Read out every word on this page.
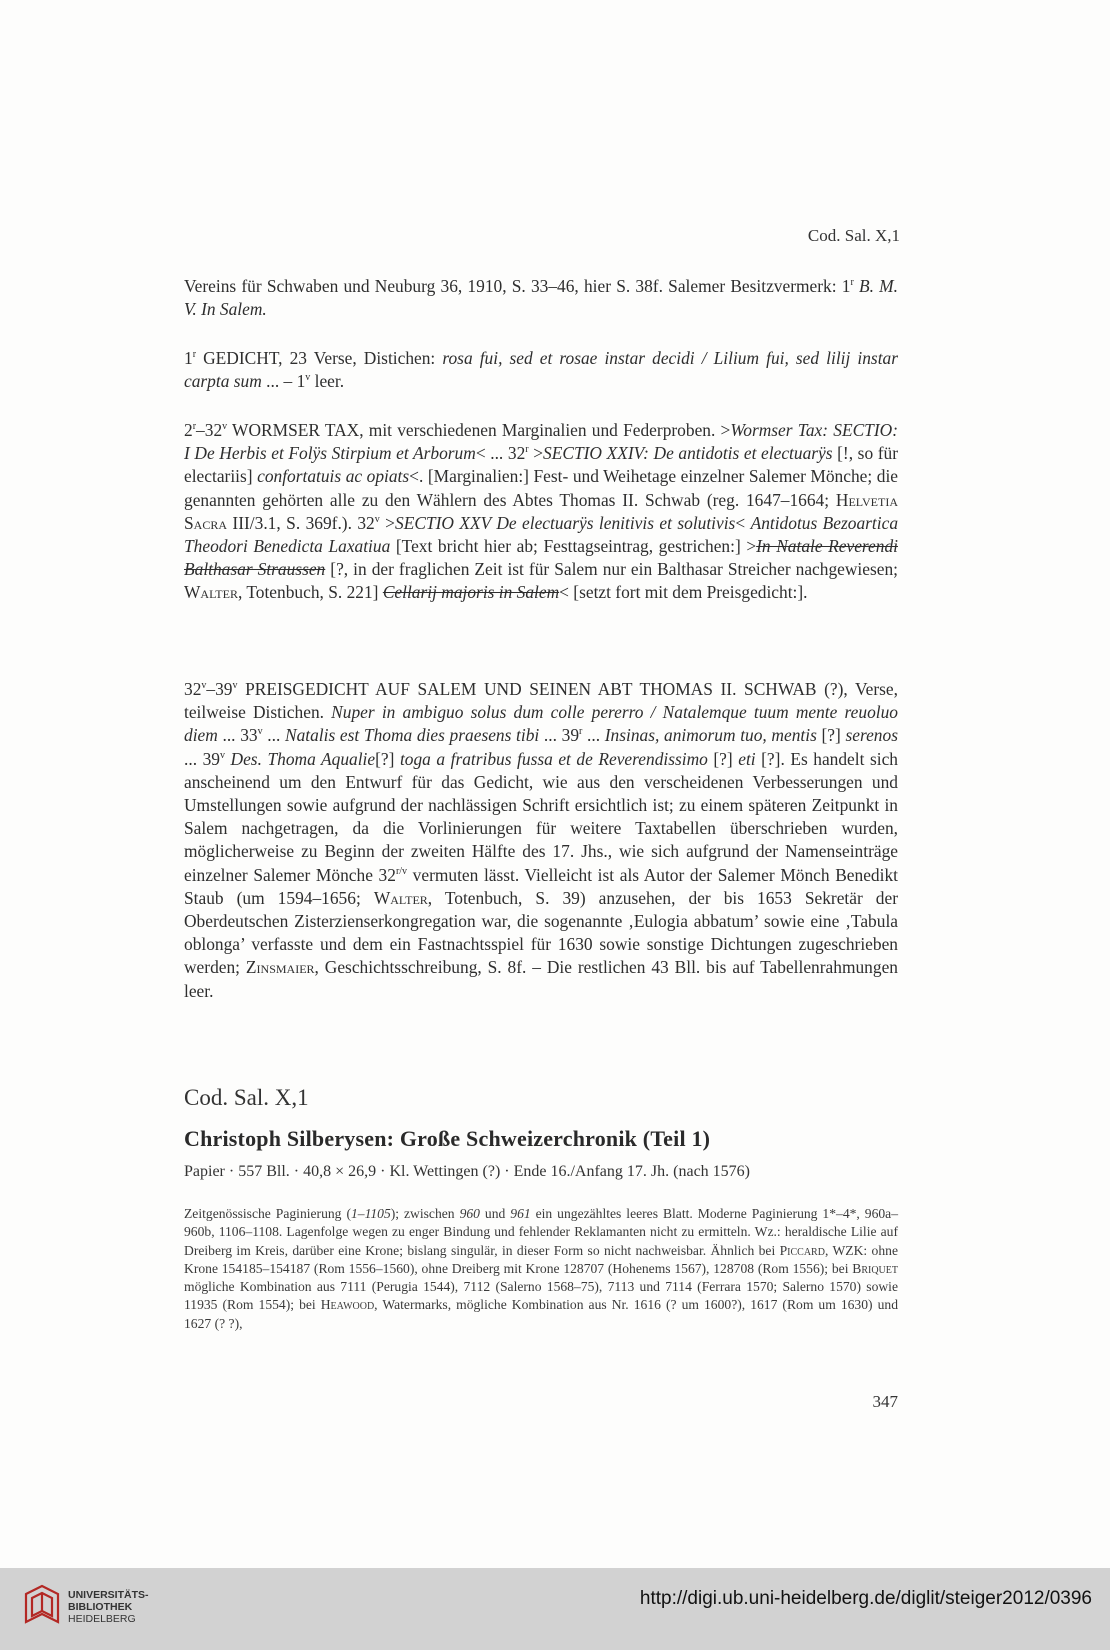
Cod. Sal. X,1

Vereins für Schwaben und Neuburg 36, 1910, S. 33–46, hier S. 38f. Salemer Besitzvermerk: 1$^r$ B. M. V. In Salem.

1$^r$ GEDICHT, 23 Verse, Distichen: rosa fui, sed et rosae instar decidi / Lilium fui, sed lilij instar carpta sum ... – 1$^v$ leer.

2$^r$–32$^v$ WORMSER TAX, mit verschiedenen Marginalien und Federproben. >Wormser Tax: SECTIO: I De Herbis et Folÿs Stirpium et Arborum< ... $32^r$ >SECTIO XXIV: De antidotis et electuarÿs [!, so für electariis] confortatuis ac opiats<. [Marginalien:] Fest- und Weihetage einzelner Salemer Mönche; die genannten gehörten alle zu den Wählern des Abtes Thomas II. Schwab (reg. 1647–1664; Helvetia Sacra III/3.1, S. 369f.). $32^v$ >SECTIO XXV De electuarÿs lenitivis et solutivis< Antidotus Bezoartica Theodori Benedicta Laxatiua [Text bricht hier ab; Festtagseintrag, gestrichen:] >In Natale Reverendi Balthasar Straussen [?, in der fraglichen Zeit ist für Salem nur ein Balthasar Streicher nachgewiesen; Walter, Totenbuch, S. 221] Cellarij majoris in Salem< [setzt fort mit dem Preisgedicht:].

32$^v$–39$^v$ PREISGEDICHT AUF SALEM UND SEINEN ABT THOMAS II. SCHWAB (?), Verse, teilweise Distichen. Nuper in ambiguo solus dum colle pererro / Natalemque tuum mente reuoluo diem ... 33$^v$ ... Natalis est Thoma dies praesens tibi ... 39$^r$ ... Insinas, animorum tuo, mentis [?] serenos ... 39$^v$ Des. Thoma Aqualie[?] toga a fratribus fussa et de Reverendissimo [?] eti [?]. Es handelt sich anscheinend um den Entwurf für das Gedicht, wie aus den verscheidenen Verbesserungen und Umstellungen sowie aufgrund der nachlässigen Schrift ersichtlich ist; zu einem späteren Zeitpunkt in Salem nachgetragen, da die Vorlinierungen für weitere Taxtabellen überschrieben wurden, möglicherweise zu Beginn der zweiten Hälfte des 17. Jhs., wie sich aufgrund der Namenseinträge einzelner Salemer Mönche $32^{r/v}$ vermuten lässt. Vielleicht ist als Autor der Salemer Mönch Benedikt Staub (um 1594–1656; Walter, Totenbuch, S. 39) anzusehen, der bis 1653 Sekretär der Oberdeutschen Zisterzienserkongregation war, die sogenannte ‚Eulogia abbatum’ sowie eine ‚Tabula oblonga’ verfasste und dem ein Fastnachtsspiel für 1630 sowie sonstige Dichtungen zugeschrieben werden; Zinsmaier, Geschichtsschreibung, S. 8f. – Die restlichen 43 Bll. bis auf Tabellenrahmungen leer.

Cod. Sal. X,1
Christoph Silberysen: Große Schweizerchronik (Teil 1)
Papier · 557 Bll. · 40,8 × 26,9 · Kl. Wettingen (?) · Ende 16./Anfang 17. Jh. (nach 1576)

Zeitgenössische Paginierung (1–1105); zwischen 960 und 961 ein ungezähltes leeres Blatt. Moderne Paginierung 1*–4*, 960a–960b, 1106–1108. Lagenfolge wegen zu enger Bindung und fehlender Reklamanten nicht zu ermitteln. Wz.: heraldische Lilie auf Dreiberg im Kreis, darüber eine Krone; bislang singulär, in dieser Form so nicht nachweisbar. Ähnlich bei Piccard, WZK: ohne Krone 154185–154187 (Rom 1556–1560), ohne Dreiberg mit Krone 128707 (Hohenems 1567), 128708 (Rom 1556); bei Briquet mögliche Kombination aus 7111 (Perugia 1544), 7112 (Salerno 1568–75), 7113 und 7114 (Ferrara 1570; Salerno 1570) sowie 11935 (Rom 1554); bei Heawood, Watermarks, mögliche Kombination aus Nr. 1616 (? um 1600?), 1617 (Rom um 1630) und 1627 (? ?),

347
UNIVERSITÄTS-
BIBLIOTHEK
HEIDELBERG
http://digi.ub.uni-heidelberg.de/diglit/steiger2012/0396
